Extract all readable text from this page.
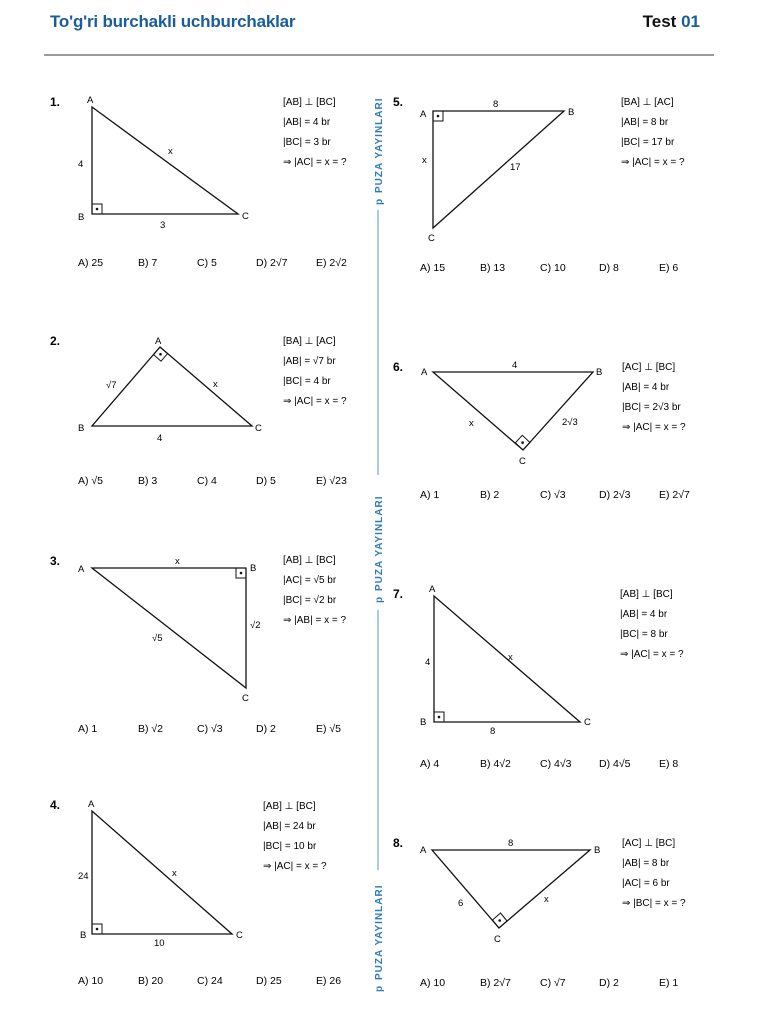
To'g'ri burchakli uchburchaklar	Test 01
1.	A
B	C
4
3
x
[AB] ⊥ [BC]
|AB| = 4 br
|BC| = 3 br
⇒ |AC| = x = ?
A) 25	B) 7	C) 5	D) 2√7	E) 2√2
2.	A
B	C
√7	x
4
[BA] ⊥ [AC]
|AB| = √7 br
|BC| = 4 br
⇒ |AC| = x = ?
A) √5	B) 3	C) 4	D) 5	E) √23
3.
A	B
C
x
√2
√5
[AB] ⊥ [BC]
|AC| = √5 br
|BC| = √2 br
⇒ |AB| = x = ?
A) 1	B) √2	C) √3	D) 2	E) √5
4.	A
B	C
24
10
x
[AB] ⊥ [BC]
|AB| = 24 br
|BC| = 10 br
⇒ |AC| = x = ?
A) 10	B) 20	C) 24	D) 25	E) 26
p
PUZA YAYINLARI
p
PUZA YAYINLARI
p
PUZA YAYINLARI
5.
A	B
C
8
x
17
[BA] ⊥ [AC]
|AB| = 8 br
|BC| = 17 br
⇒ |AC| = x = ?
A) 15	B) 13	C) 10	D) 8	E) 6
6. A	B
C
4
x	2√3
[AC] ⊥ [BC]
|AB| = 4 br
|BC| = 2√3 br
⇒ |AC| = x = ?
A) 1	B) 2	C) √3	D) 2√3	E) 2√7
7.	A
B	C
4
8
x
[AB] ⊥ [BC]
|AB| = 4 br
|BC| = 8 br
⇒ |AC| = x = ?
A) 4	B) 4√2	C) 4√3	D) 4√5	E) 8
8.
A	B
C
8
6	x
[AC] ⊥ [BC]
|AB| = 8 br
|AC| = 6 br
⇒ |BC| = x = ?
A) 10	B) 2√7	C) √7	D) 2	E) 1
